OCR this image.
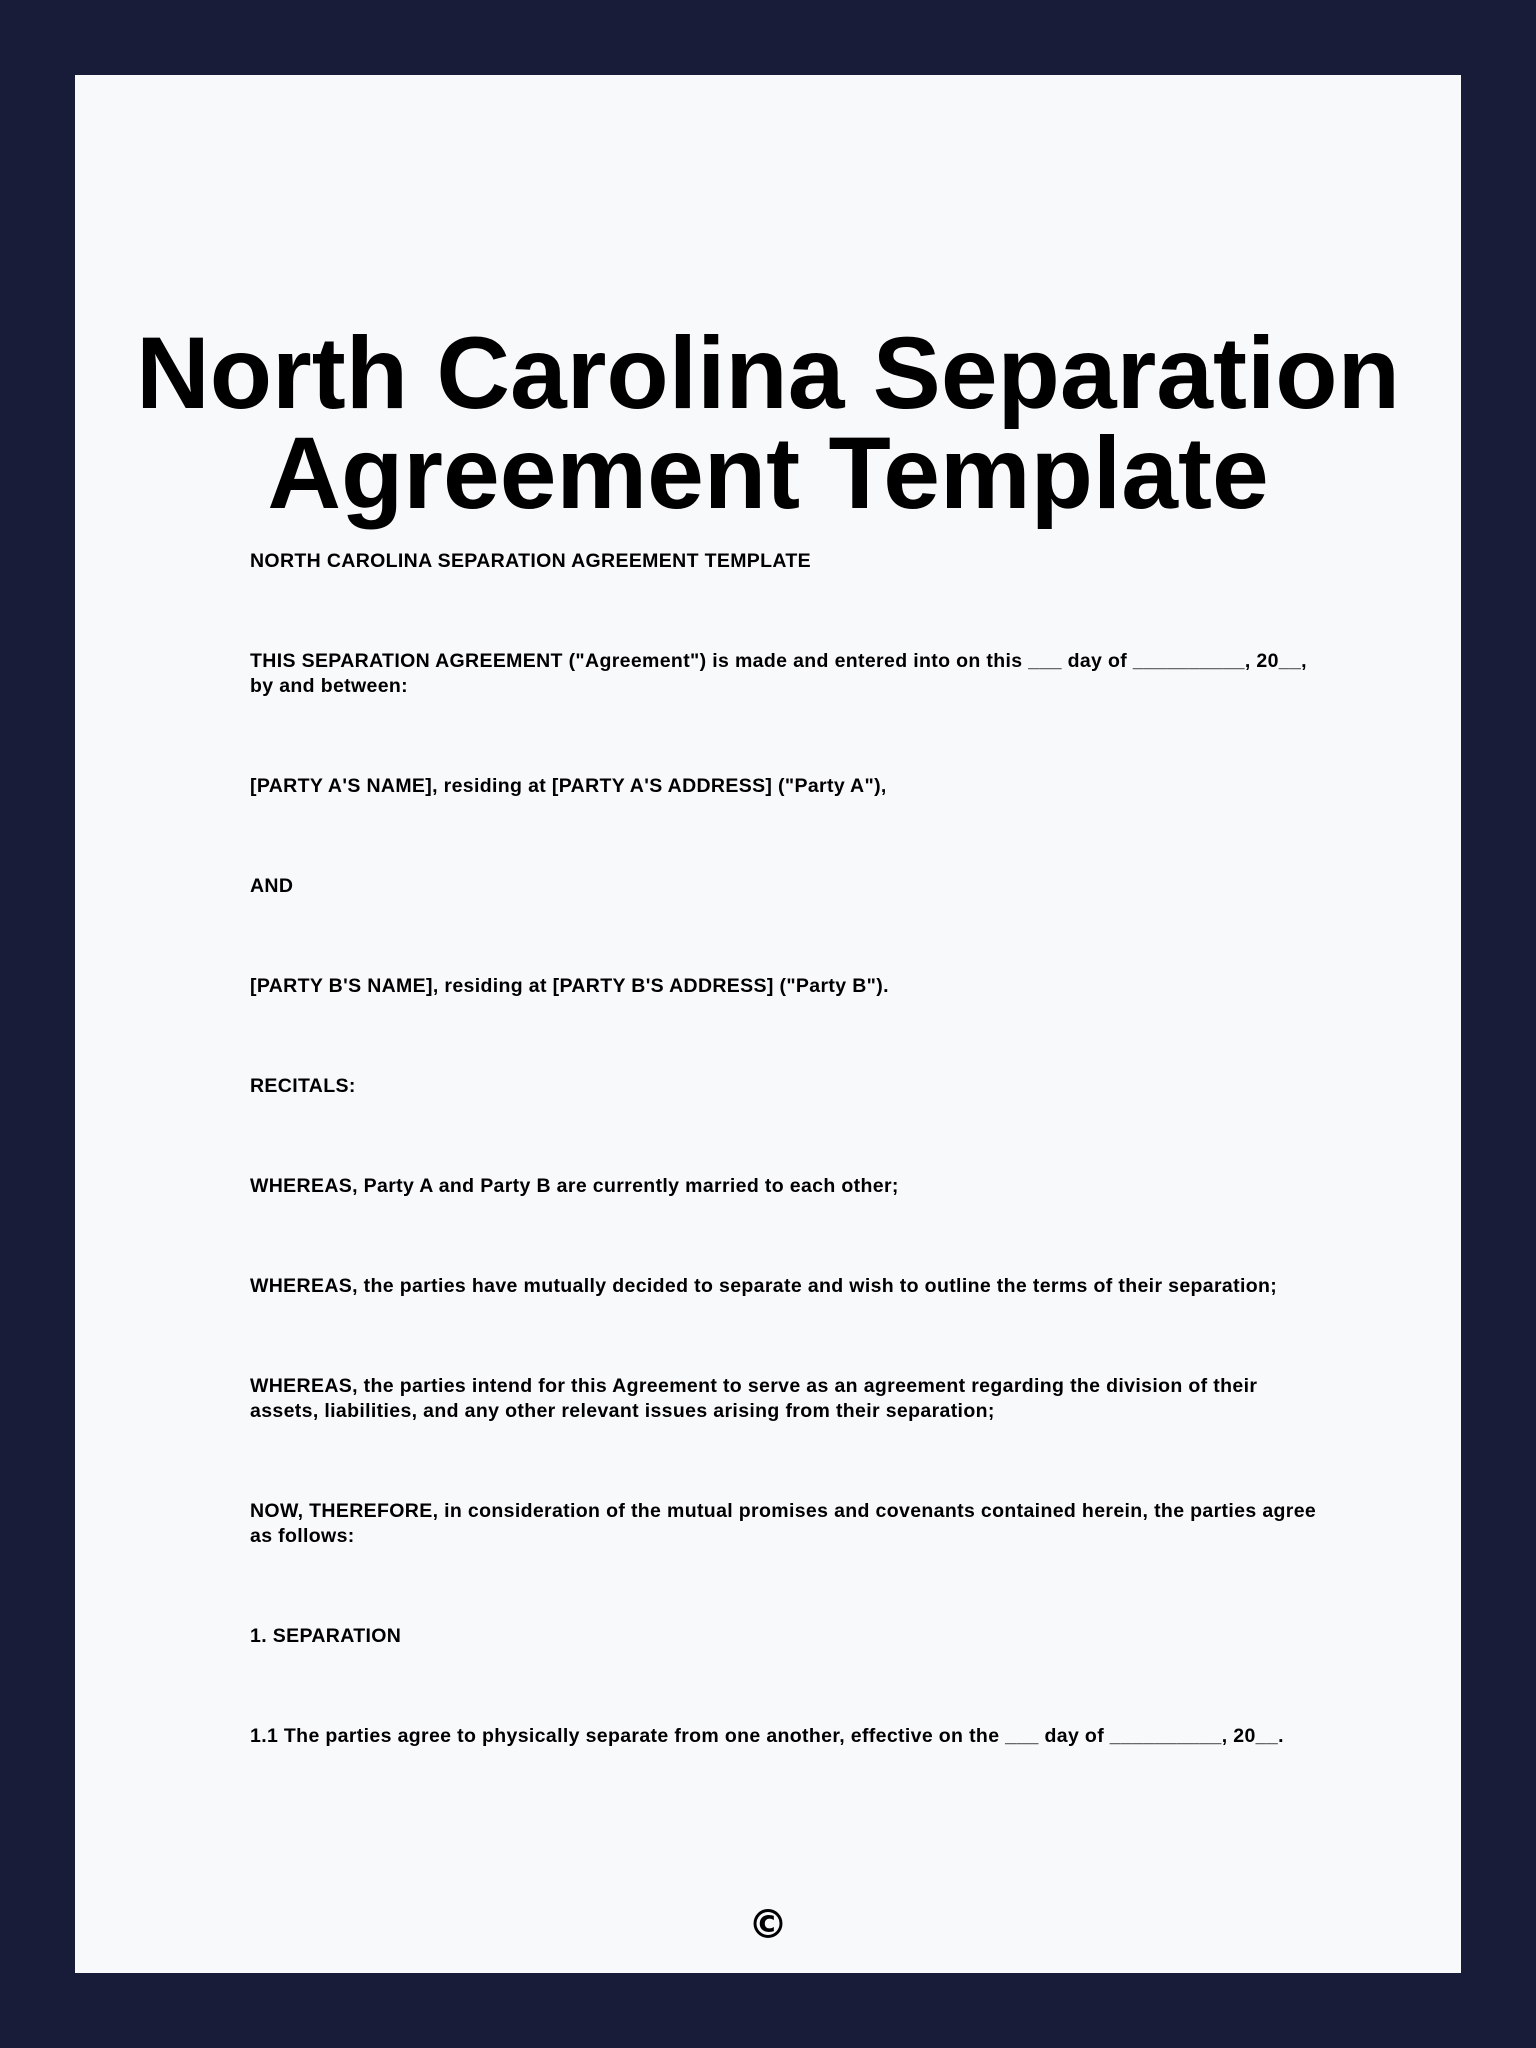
North Carolina Separation
Agreement Template

NORTH CAROLINA SEPARATION AGREEMENT TEMPLATE

THIS SEPARATION AGREEMENT ("Agreement") is made and entered into on this ___ day of __________, 20__, by and between:

[PARTY A'S NAME], residing at [PARTY A'S ADDRESS] ("Party A"),

AND

[PARTY B'S NAME], residing at [PARTY B'S ADDRESS] ("Party B").

RECITALS:

WHEREAS, Party A and Party B are currently married to each other;

WHEREAS, the parties have mutually decided to separate and wish to outline the terms of their separation;

WHEREAS, the parties intend for this Agreement to serve as an agreement regarding the division of their assets, liabilities, and any other relevant issues arising from their separation;

NOW, THEREFORE, in consideration of the mutual promises and covenants contained herein, the parties agree as follows:

1. SEPARATION

1.1 The parties agree to physically separate from one another, effective on the ___ day of __________, 20__.

©
